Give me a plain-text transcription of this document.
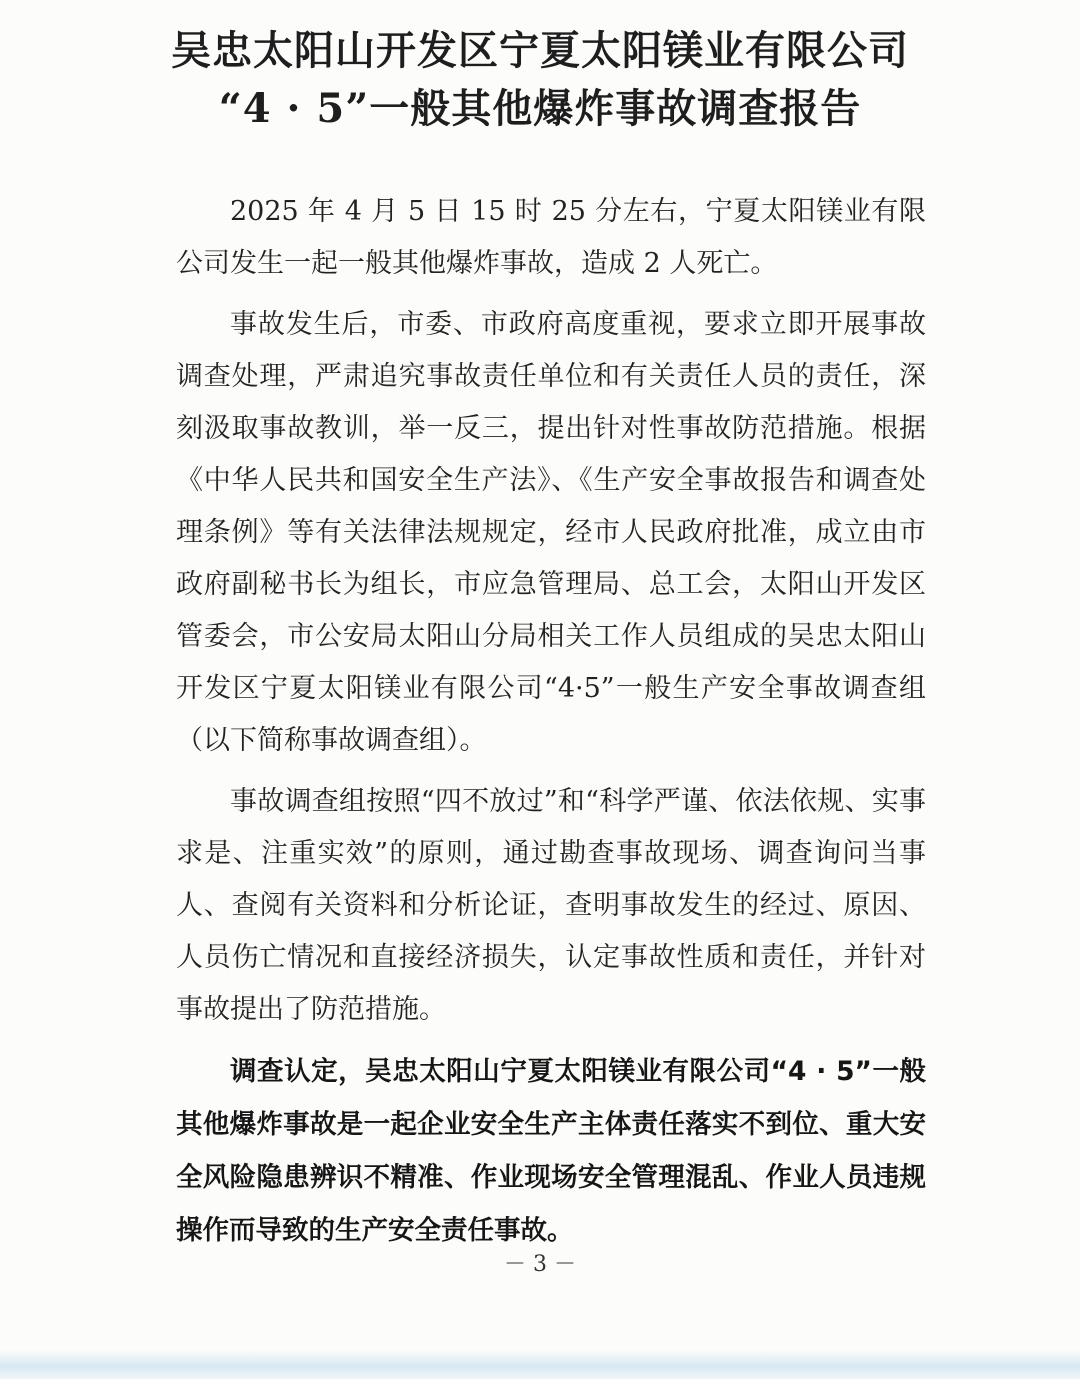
吴忠太阳山开发区宁夏太阳镁业有限公司
“4 · 5”一般其他爆炸事故调查报告

2025 年 4 月 5 日 15 时 25 分左右，宁夏太阳镁业有限公司发生一起一般其他爆炸事故，造成 2 人死亡。

事故发生后，市委、市政府高度重视，要求立即开展事故调查处理，严肃追究事故责任单位和有关责任人员的责任，深刻汲取事故教训，举一反三，提出针对性事故防范措施。根据《中华人民共和国安全生产法》、《生产安全事故报告和调查处理条例》等有关法律法规规定，经市人民政府批准，成立由市政府副秘书长为组长，市应急管理局、总工会，太阳山开发区管委会，市公安局太阳山分局相关工作人员组成的吴忠太阳山开发区宁夏太阳镁业有限公司“4·5”一般生产安全事故调查组（以下简称事故调查组）。

事故调查组按照“四不放过”和“科学严谨、依法依规、实事求是、注重实效”的原则，通过勘查事故现场、调查询问当事人、查阅有关资料和分析论证，查明事故发生的经过、原因、人员伤亡情况和直接经济损失，认定事故性质和责任，并针对事故提出了防范措施。

调查认定，吴忠太阳山宁夏太阳镁业有限公司“4 · 5”一般其他爆炸事故是一起企业安全生产主体责任落实不到位、重大安全风险隐患辨识不精准、作业现场安全管理混乱、作业人员违规操作而导致的生产安全责任事故。

－ 3 －
